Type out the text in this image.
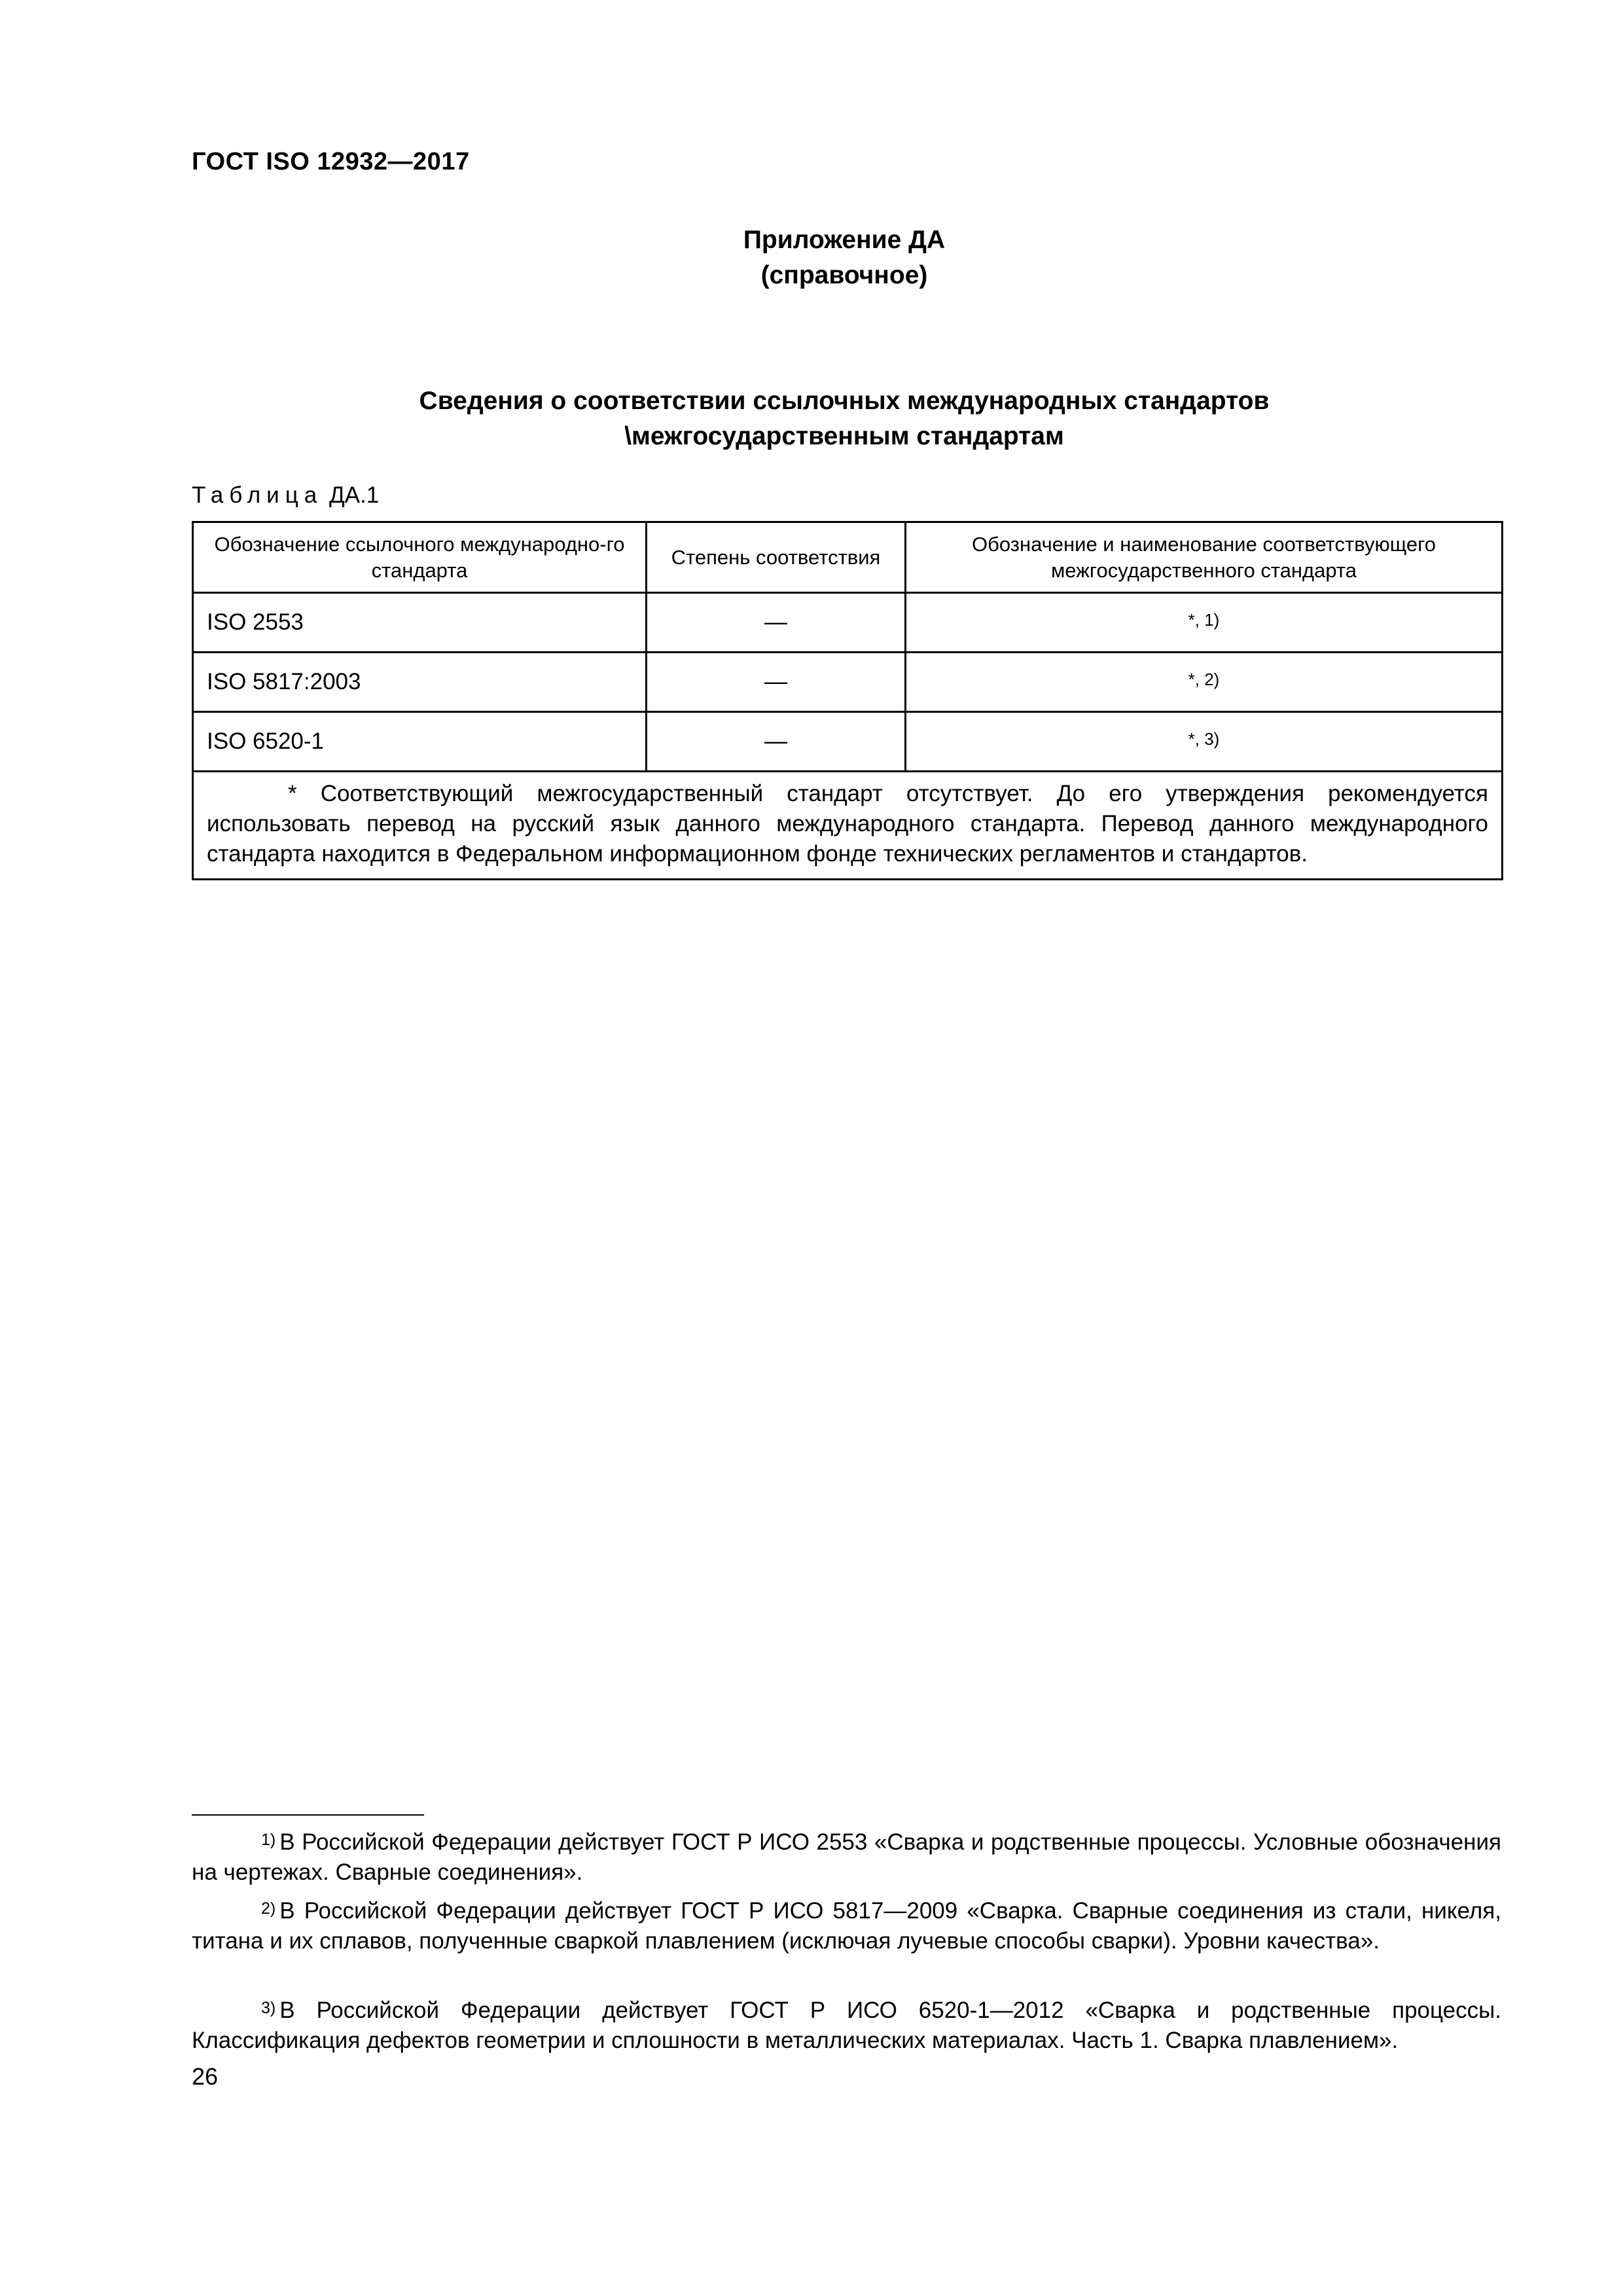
ГОСТ ISO 12932—2017
Приложение ДА
(справочное)
Сведения о соответствии ссылочных международных стандартов
\межгосударственным стандартам
Таблица ДА.1
Обозначение ссылочного международно-го стандарта	Степень соответствия	Обозначение и наименование соответствующего межгосударственного стандарта
ISO 2553	—	*, 1)
ISO 5817:2003	—	*, 2)
ISO 6520-1	—	*, 3)
* Соответствующий межгосударственный стандарт отсутствует. До его утверждения рекомендуется использовать перевод на русский язык данного международного стандарта. Перевод данного международного стандарта находится в Федеральном информационном фонде технических регламентов и стандартов.		
$^{1)}$ В Российской Федерации действует ГОСТ Р ИСО 2553 «Сварка и родственные процессы. Условные обозначения на чертежах. Сварные соединения».
$^{2)}$ В Российской Федерации действует ГОСТ Р ИСО 5817—2009 «Сварка. Сварные соединения из стали, никеля, титана и их сплавов, полученные сваркой плавлением (исключая лучевые способы сварки). Уровни качества».
$^{3)}$ В Российской Федерации действует ГОСТ Р ИСО 6520-1—2012 «Сварка и родственные процессы. Классификация дефектов геометрии и сплошности в металлических материалах. Часть 1. Сварка плавлением».
26
